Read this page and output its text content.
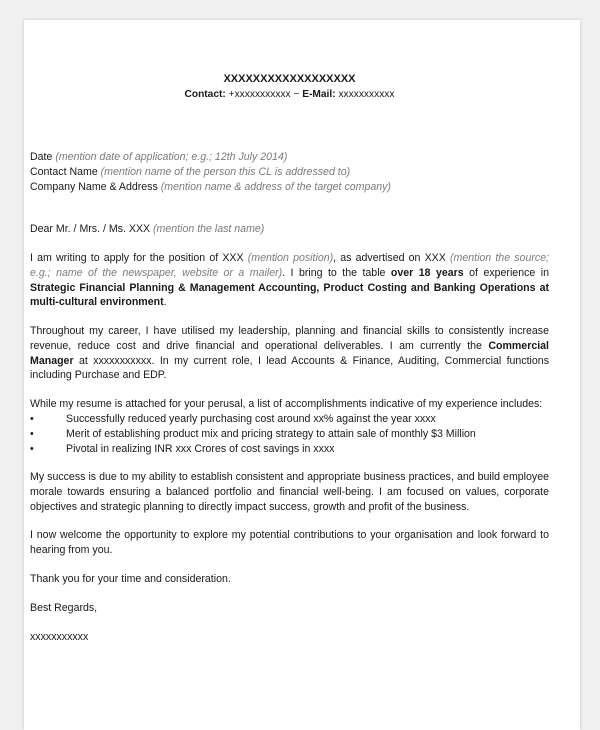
XXXXXXXXXXXXXXXXXX
Contact: +xxxxxxxxxxx ~ E-Mail: xxxxxxxxxxx
Date (mention date of application; e.g.; 12th July 2014)
Contact Name (mention name of the person this CL is addressed to)
Company Name & Address (mention name & address of the target company)
Dear Mr. / Mrs. / Ms. XXX (mention the last name)
I am writing to apply for the position of XXX (mention position), as advertised on XXX (mention the source; e.g.; name of the newspaper, website or a mailer). I bring to the table over 18 years of experience in Strategic Financial Planning & Management Accounting, Product Costing and Banking Operations at multi-cultural environment.
Throughout my career, I have utilised my leadership, planning and financial skills to consistently increase revenue, reduce cost and drive financial and operational deliverables. I am currently the Commercial Manager at xxxxxxxxxxx. In my current role, I lead Accounts & Finance, Auditing, Commercial functions including Purchase and EDP.
While my resume is attached for your perusal, a list of accomplishments indicative of my experience includes:
•	Successfully reduced yearly purchasing cost around xx% against the year xxxx
•	Merit of establishing product mix and pricing strategy to attain sale of monthly $3 Million
•	Pivotal in realizing INR xxx Crores of cost savings in xxxx
My success is due to my ability to establish consistent and appropriate business practices, and build employee morale towards ensuring a balanced portfolio and financial well-being. I am focused on values, corporate objectives and strategic planning to directly impact success, growth and profit of the business.
I now welcome the opportunity to explore my potential contributions to your organisation and look forward to hearing from you.
Thank you for your time and consideration.
Best Regards,
xxxxxxxxxxx
